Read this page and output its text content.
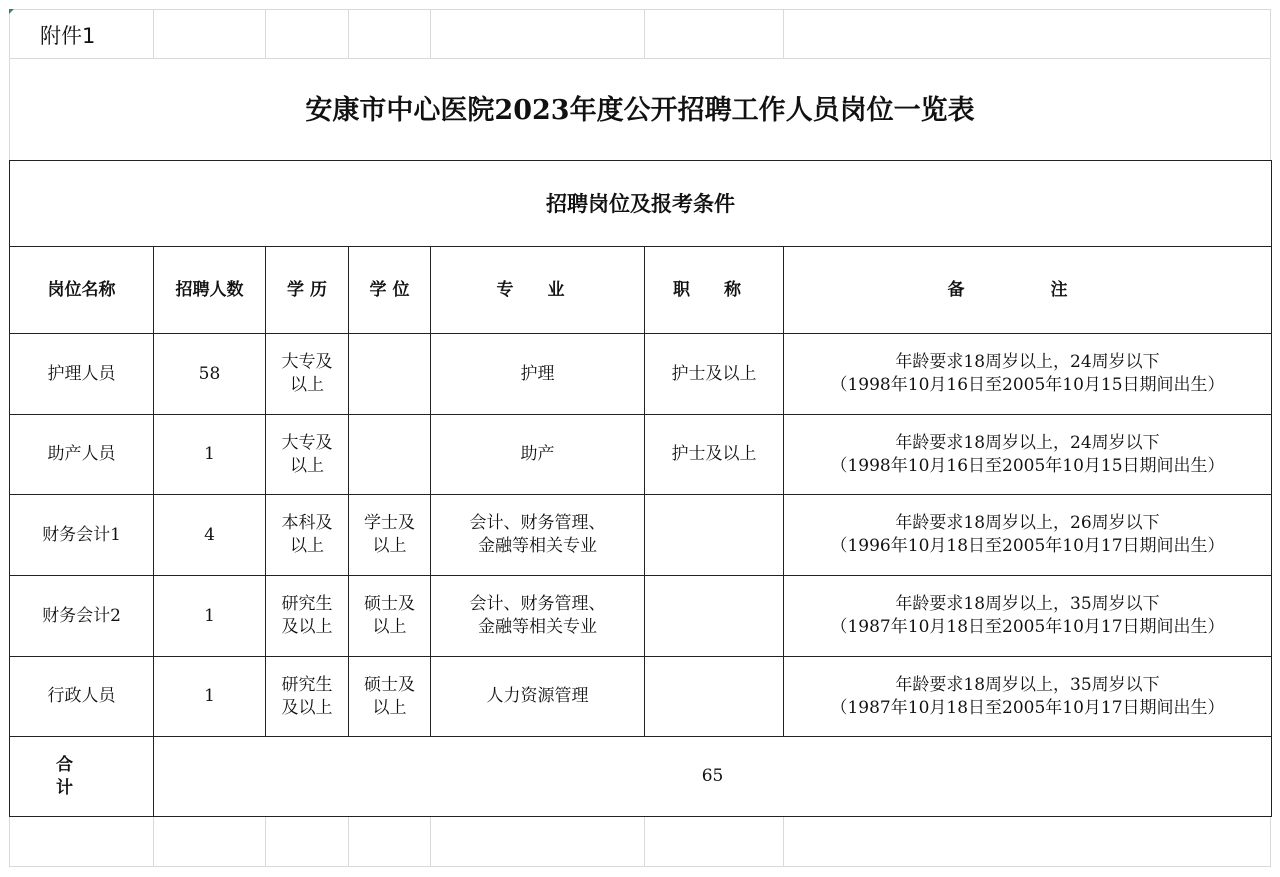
附件1
安康市中心医院2023年度公开招聘工作人员岗位一览表
招聘岗位及报考条件						
岗位名称	招聘人数	学 历	学 位	专 业	职 称	备 注
护理人员	58	大专及
以上		护理	护士及以上	年龄要求18周岁以上，24周岁以下
（1998年10月16日至2005年10月15日期间出生）

助产人员	1	大专及
以上		助产	护士及以上	年龄要求18周岁以上，24周岁以下
（1998年10月16日至2005年10月15日期间出生）

财务会计1	4	本科及
以上	学士及
以上	会计、财务管理、
金融等相关专业		年龄要求18周岁以上，26周岁以下
（1996年10月18日至2005年10月17日期间出生）

财务会计2	1	研究生
及以上	硕士及
以上	会计、财务管理、
金融等相关专业		年龄要求18周岁以上，35周岁以下
（1987年10月18日至2005年10月17日期间出生）

行政人员	1	研究生
及以上	硕士及
以上	人力资源管理		年龄要求18周岁以上，35周岁以下
（1987年10月18日至2005年10月17日期间出生）

合 计	65					
